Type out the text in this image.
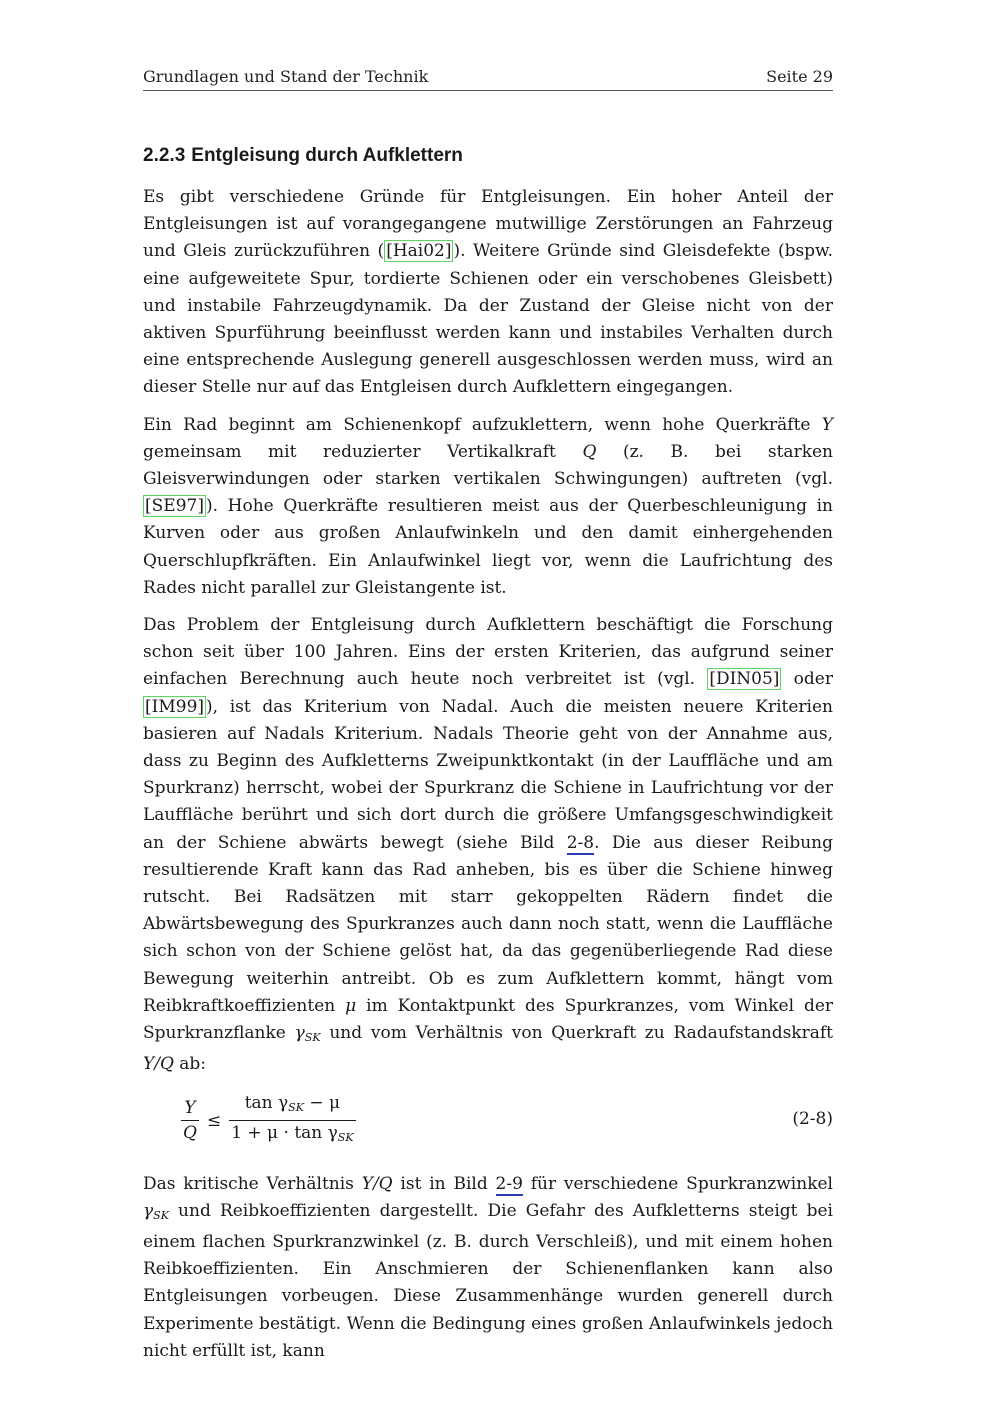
Grundlagen und Stand der Technik	Seite 29
2.2.3 Entgleisung durch Aufklettern

Es gibt verschiedene Gründe für Entgleisungen. Ein hoher Anteil der Entgleisungen ist auf vorangegangene mutwillige Zerstörungen an Fahrzeug und Gleis zurückzuführen ( [Hai02] ). Weitere Gründe sind Gleisdefekte (bspw. eine aufgeweitete Spur, tordierte Schienen oder ein verschobenes Gleisbett) und instabile Fahrzeugdynamik. Da der Zustand der Gleise nicht von der aktiven Spurführung beeinflusst werden kann und instabiles Verhalten durch eine entsprechende Auslegung generell ausgeschlossen werden muss, wird an dieser Stelle nur auf das Entgleisen durch Aufklettern eingegangen.

Ein Rad beginnt am Schienenkopf aufzuklettern, wenn hohe Querkräfte Y gemeinsam mit reduzierter Vertikalkraft Q (z. B. bei starken Gleisverwindungen oder starken vertikalen Schwingungen) auftreten (vgl. [SE97] ). Hohe Querkräfte resultieren meist aus der Querbeschleunigung in Kurven oder aus großen Anlaufwinkeln und den damit einhergehenden Querschlupfkräften. Ein Anlaufwinkel liegt vor, wenn die Laufrichtung des Rades nicht parallel zur Gleistangente ist.

Das Problem der Entgleisung durch Aufklettern beschäftigt die Forschung schon seit über 100 Jahren. Eins der ersten Kriterien, das aufgrund seiner einfachen Berechnung auch heute noch verbreitet ist (vgl. [DIN05] oder [IM99] ), ist das Kriterium von Nadal. Auch die meisten neuere Kriterien basieren auf Nadals Kriterium. Nadals Theorie geht von der Annahme aus, dass zu Beginn des Aufkletterns Zweipunktkontakt (in der Lauffläche und am Spurkranz) herrscht, wobei der Spurkranz die Schiene in Laufrichtung vor der Lauffläche berührt und sich dort durch die größere Umfangsgeschwindigkeit an der Schiene abwärts bewegt (siehe Bild 2-8. Die aus dieser Reibung resultierende Kraft kann das Rad anheben, bis es über die Schiene hinweg rutscht. Bei Radsätzen mit starr gekoppelten Rädern findet die Abwärtsbewegung des Spurkranzes auch dann noch statt, wenn die Lauffläche sich schon von der Schiene gelöst hat, da das gegenüberliegende Rad diese Bewegung weiterhin antreibt. Ob es zum Aufklettern kommt, hängt vom Reibkraftkoeffizienten μ im Kontaktpunkt des Spurkranzes, vom Winkel der Spurkranzflanke $\gamma_{SK}$ und vom Verhältnis von Querkraft zu Radaufstandskraft Y/Q ab:

$\frac{Y}{Q} \le \frac{\tan \gamma_{SK} - \mu}{1 + \mu \cdot \tan \gamma_{SK}}$	(2-8)

Das kritische Verhältnis Y/Q ist in Bild 2-9 für verschiedene Spurkranzwinkel $\gamma_{SK}$ und Reibkoeffizienten dargestellt. Die Gefahr des Aufkletterns steigt bei einem flachen Spurkranzwinkel (z. B. durch Verschleiß), und mit einem hohen Reibkoeffizienten. Ein Anschmieren der Schienenflanken kann also Entgleisungen vorbeugen. Diese Zusammenhänge wurden generell durch Experimente bestätigt. Wenn die Bedingung eines großen Anlaufwinkels jedoch nicht erfüllt ist, kann
